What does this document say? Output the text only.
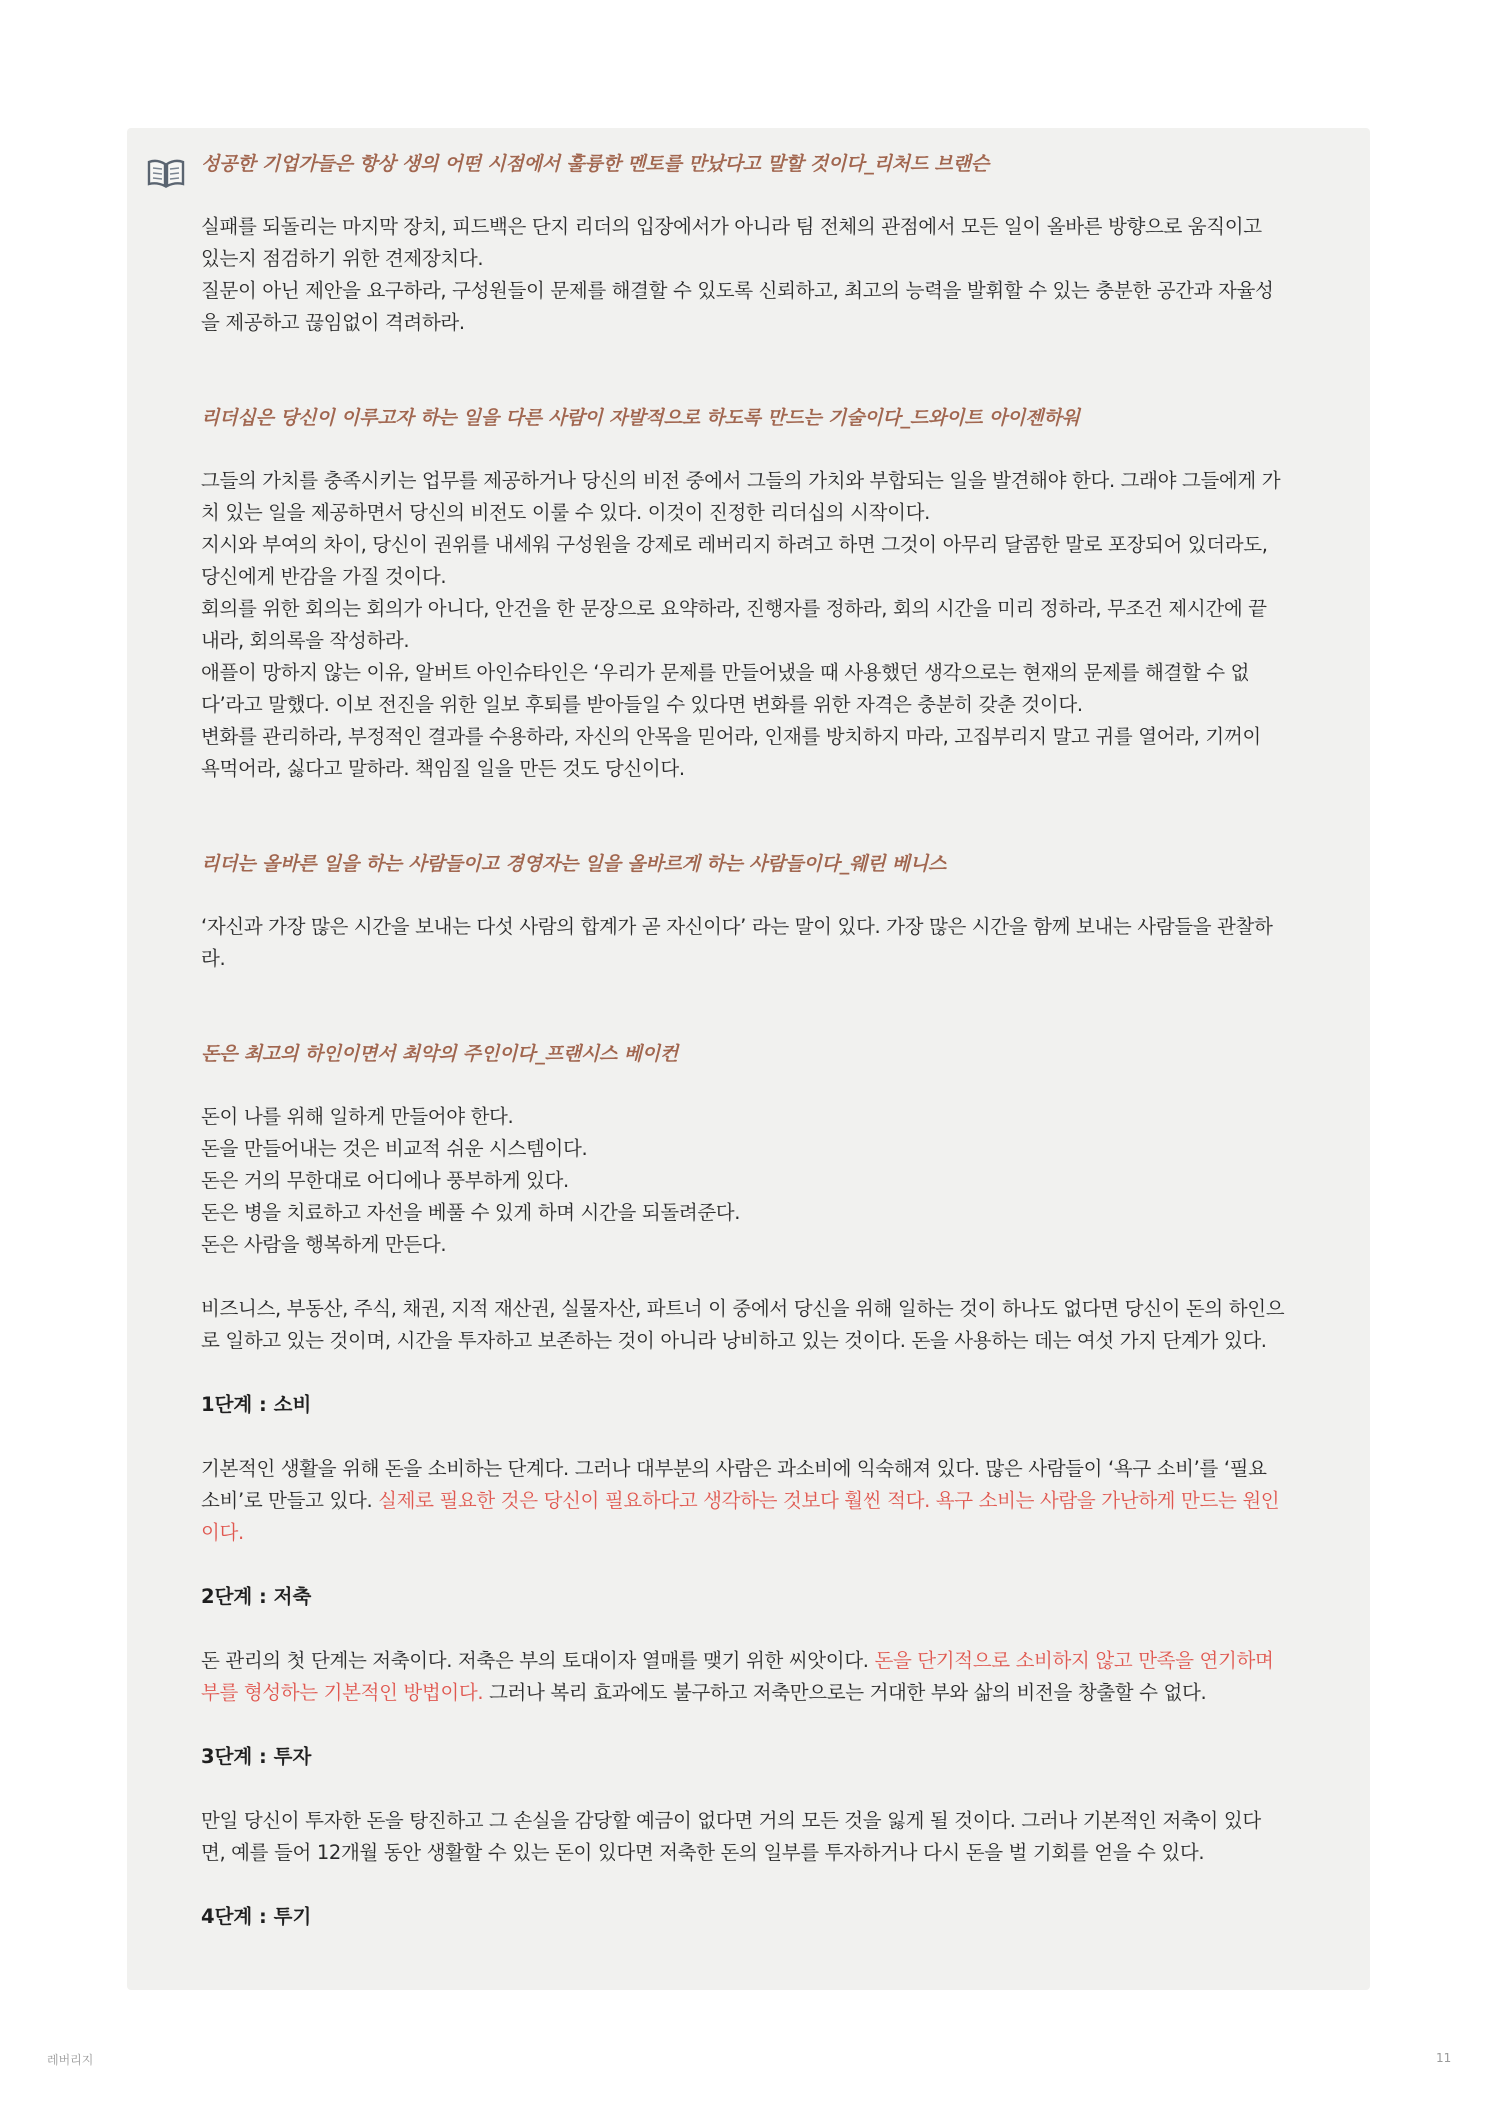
성공한 기업가들은 항상 생의 어떤 시점에서 훌륭한 멘토를 만났다고 말할 것이다_리처드 브랜슨

실패를 되돌리는 마지막 장치, 피드백은 단지 리더의 입장에서가 아니라 팀 전체의 관점에서 모든 일이 올바른 방향으로 움직이고

있는지 점검하기 위한 견제장치다.

질문이 아닌 제안을 요구하라, 구성원들이 문제를 해결할 수 있도록 신뢰하고, 최고의 능력을 발휘할 수 있는 충분한 공간과 자율성

을 제공하고 끊임없이 격려하라.

리더십은 당신이 이루고자 하는 일을 다른 사람이 자발적으로 하도록 만드는 기술이다_드와이트 아이젠하워

그들의 가치를 충족시키는 업무를 제공하거나 당신의 비전 중에서 그들의 가치와 부합되는 일을 발견해야 한다. 그래야 그들에게 가

치 있는 일을 제공하면서 당신의 비전도 이룰 수 있다. 이것이 진정한 리더십의 시작이다.

지시와 부여의 차이, 당신이 권위를 내세워 구성원을 강제로 레버리지 하려고 하면 그것이 아무리 달콤한 말로 포장되어 있더라도,

당신에게 반감을 가질 것이다.

회의를 위한 회의는 회의가 아니다, 안건을 한 문장으로 요약하라, 진행자를 정하라, 회의 시간을 미리 정하라, 무조건 제시간에 끝

내라, 회의록을 작성하라.

애플이 망하지 않는 이유, 알버트 아인슈타인은 ‘우리가 문제를 만들어냈을 때 사용했던 생각으로는 현재의 문제를 해결할 수 없

다’라고 말했다. 이보 전진을 위한 일보 후퇴를 받아들일 수 있다면 변화를 위한 자격은 충분히 갖춘 것이다.

변화를 관리하라, 부정적인 결과를 수용하라, 자신의 안목을 믿어라, 인재를 방치하지 마라, 고집부리지 말고 귀를 열어라, 기꺼이

욕먹어라, 싫다고 말하라. 책임질 일을 만든 것도 당신이다.

리더는 올바른 일을 하는 사람들이고 경영자는 일을 올바르게 하는 사람들이다_웨린 베니스

‘자신과 가장 많은 시간을 보내는 다섯 사람의 합계가 곧 자신이다’ 라는 말이 있다. 가장 많은 시간을 함께 보내는 사람들을 관찰하

라.

돈은 최고의 하인이면서 최악의 주인이다_프랜시스 베이컨

돈이 나를 위해 일하게 만들어야 한다.

돈을 만들어내는 것은 비교적 쉬운 시스템이다.

돈은 거의 무한대로 어디에나 풍부하게 있다.

돈은 병을 치료하고 자선을 베풀 수 있게 하며 시간을 되돌려준다.

돈은 사람을 행복하게 만든다.

비즈니스, 부동산, 주식, 채권, 지적 재산권, 실물자산, 파트너 이 중에서 당신을 위해 일하는 것이 하나도 없다면 당신이 돈의 하인으

로 일하고 있는 것이며, 시간을 투자하고 보존하는 것이 아니라 낭비하고 있는 것이다. 돈을 사용하는 데는 여섯 가지 단계가 있다.

1단계 : 소비

기본적인 생활을 위해 돈을 소비하는 단계다. 그러나 대부분의 사람은 과소비에 익숙해져 있다. 많은 사람들이 ‘욕구 소비’를 ‘필요

소비’로 만들고 있다. 실제로 필요한 것은 당신이 필요하다고 생각하는 것보다 훨씬 적다. 욕구 소비는 사람을 가난하게 만드는 원인

이다.

2단계 : 저축

돈 관리의 첫 단계는 저축이다. 저축은 부의 토대이자 열매를 맺기 위한 씨앗이다. 돈을 단기적으로 소비하지 않고 만족을 연기하며

부를 형성하는 기본적인 방법이다. 그러나 복리 효과에도 불구하고 저축만으로는 거대한 부와 삶의 비전을 창출할 수 없다.

3단계 : 투자

만일 당신이 투자한 돈을 탕진하고 그 손실을 감당할 예금이 없다면 거의 모든 것을 잃게 될 것이다. 그러나 기본적인 저축이 있다

면, 예를 들어 12개월 동안 생활할 수 있는 돈이 있다면 저축한 돈의 일부를 투자하거나 다시 돈을 벌 기회를 얻을 수 있다.

4단계 : 투기

레버리지	11
